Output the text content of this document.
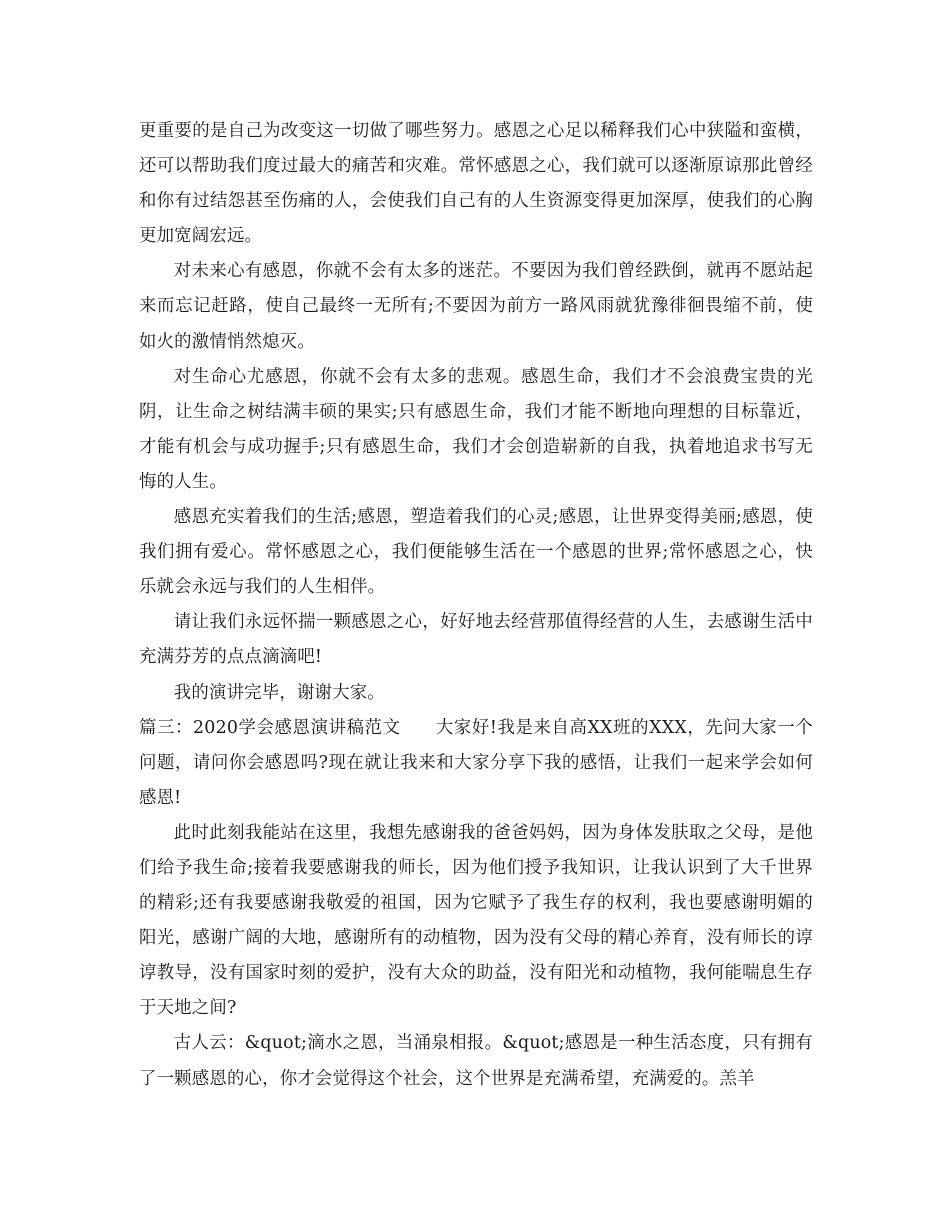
更重要的是自己为改变这一切做了哪些努力。感恩之心足以稀释我们心中狭隘和蛮横，还可以帮助我们度过最大的痛苦和灾难。常怀感恩之心，我们就可以逐渐原谅那此曾经和你有过结怨甚至伤痛的人，会使我们自己有的人生资源变得更加深厚，使我们的心胸更加宽阔宏远。

对未来心有感恩，你就不会有太多的迷茫。不要因为我们曾经跌倒，就再不愿站起来而忘记赶路，使自己最终一无所有;不要因为前方一路风雨就犹豫徘徊畏缩不前，使如火的激情悄然熄灭。

对生命心尤感恩，你就不会有太多的悲观。感恩生命，我们才不会浪费宝贵的光阴，让生命之树结满丰硕的果实;只有感恩生命，我们才能不断地向理想的目标靠近，才能有机会与成功握手;只有感恩生命，我们才会创造崭新的自我，执着地追求书写无悔的人生。

感恩充实着我们的生活;感恩，塑造着我们的心灵;感恩，让世界变得美丽;感恩，使我们拥有爱心。常怀感恩之心，我们便能够生活在一个感恩的世界;常怀感恩之心，快乐就会永远与我们的人生相伴。

请让我们永远怀揣一颗感恩之心，好好地去经营那值得经营的人生，去感谢生活中充满芬芳的点点滴滴吧!

我的演讲完毕，谢谢大家。

篇三：2020学会感恩演讲稿范文 大家好!我是来自高XX班的XXX，先问大家一个问题，请问你会感恩吗?现在就让我来和大家分享下我的感悟，让我们一起来学会如何感恩!

此时此刻我能站在这里，我想先感谢我的爸爸妈妈，因为身体发肤取之父母，是他们给予我生命;接着我要感谢我的师长，因为他们授予我知识，让我认识到了大千世界的精彩;还有我要感谢我敬爱的祖国，因为它赋予了我生存的权利，我也要感谢明媚的阳光，感谢广阔的大地，感谢所有的动植物，因为没有父母的精心养育，没有师长的谆谆教导，没有国家时刻的爱护，没有大众的助益，没有阳光和动植物，我何能喘息生存于天地之间?

古人云：&quot;滴水之恩，当涌泉相报。&quot;感恩是一种生活态度，只有拥有了一颗感恩的心，你才会觉得这个社会，这个世界是充满希望，充满爱的。羔羊
